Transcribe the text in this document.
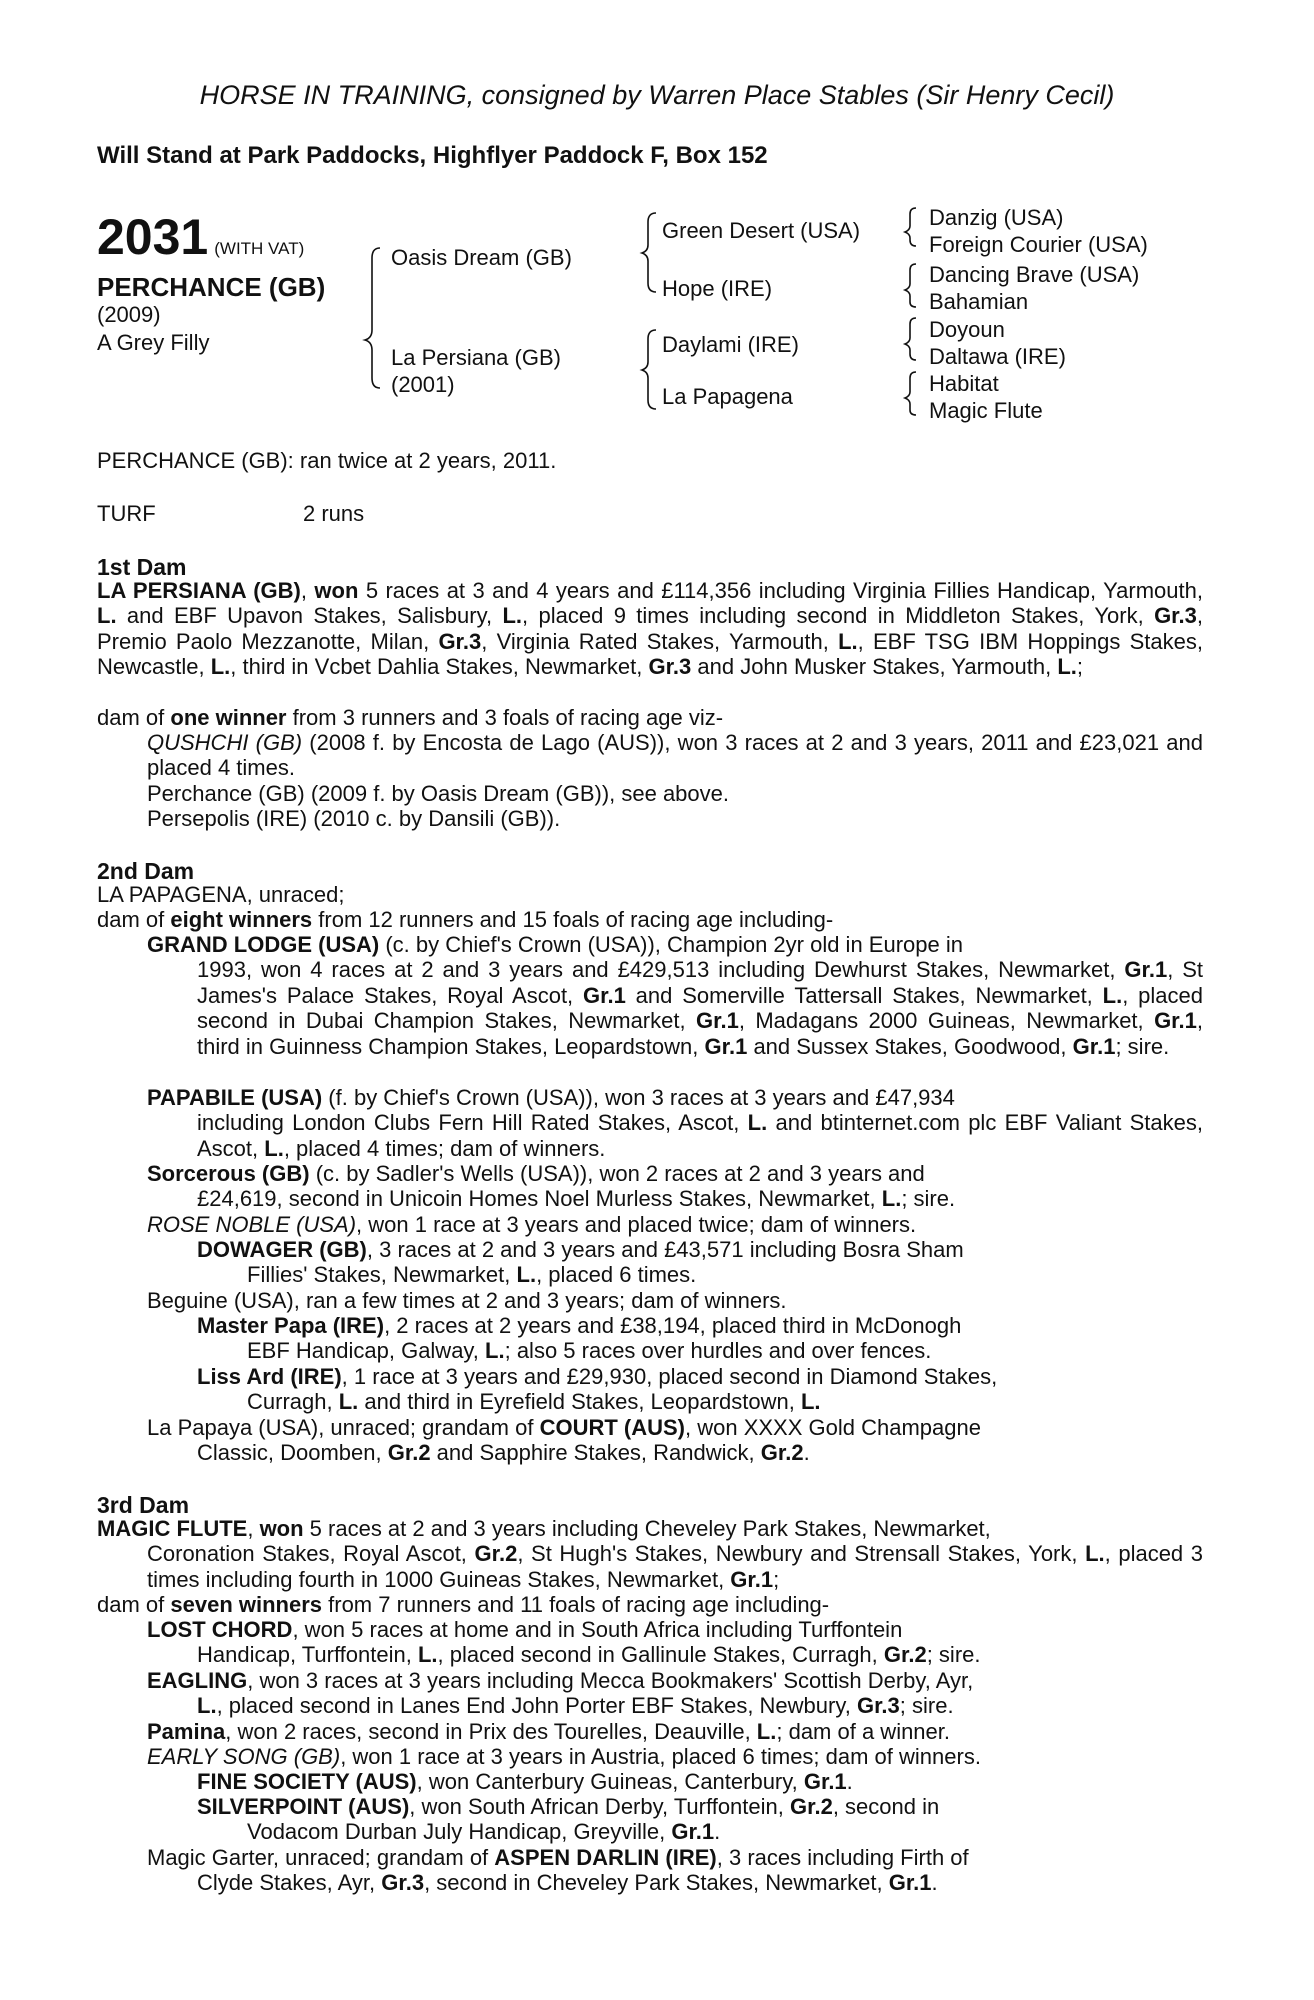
HORSE IN TRAINING, consigned by Warren Place Stables (Sir Henry Cecil)
Will Stand at Park Paddocks, Highflyer Paddock F, Box 152
2031 (WITH VAT)
PERCHANCE (GB)
(2009)
A Grey Filly
Oasis Dream (GB)
La Persiana (GB)
(2001)
Green Desert (USA)
Hope (IRE)
Daylami (IRE)
La Papagena
Danzig (USA)
Foreign Courier (USA)
Dancing Brave (USA)
Bahamian
Doyoun
Daltawa (IRE)
Habitat
Magic Flute
PERCHANCE (GB): ran twice at 2 years, 2011.
TURF	2 runs
1st Dam
LA PERSIANA (GB), won 5 races at 3 and 4 years and £114,356 including Virginia Fillies Handicap, Yarmouth, L. and EBF Upavon Stakes, Salisbury, L., placed 9 times including second in Middleton Stakes, York, Gr.3, Premio Paolo Mezzanotte, Milan, Gr.3, Virginia Rated Stakes, Yarmouth, L., EBF TSG IBM Hoppings Stakes, Newcastle, L., third in Vcbet Dahlia Stakes, Newmarket, Gr.3 and John Musker Stakes, Yarmouth, L.;
dam of one winner from 3 runners and 3 foals of racing age viz-
QUSHCHI (GB) (2008 f. by Encosta de Lago (AUS)), won 3 races at 2 and 3 years, 2011 and £23,021 and placed 4 times.
Perchance (GB) (2009 f. by Oasis Dream (GB)), see above.
Persepolis (IRE) (2010 c. by Dansili (GB)).
2nd Dam
LA PAPAGENA, unraced;
dam of eight winners from 12 runners and 15 foals of racing age including-
GRAND LODGE (USA) (c. by Chief's Crown (USA)), Champion 2yr old in Europe in

1993, won 4 races at 2 and 3 years and £429,513 including Dewhurst Stakes, Newmarket, Gr.1, St James's Palace Stakes, Royal Ascot, Gr.1 and Somerville Tattersall Stakes, Newmarket, L., placed second in Dubai Champion Stakes, Newmarket, Gr.1, Madagans 2000 Guineas, Newmarket, Gr.1, third in Guinness Champion Stakes, Leopardstown, Gr.1 and Sussex Stakes, Goodwood, Gr.1; sire.
PAPABILE (USA) (f. by Chief's Crown (USA)), won 3 races at 3 years and £47,934

including London Clubs Fern Hill Rated Stakes, Ascot, L. and btinternet.com plc EBF Valiant Stakes, Ascot, L., placed 4 times; dam of winners.
Sorcerous (GB) (c. by Sadler's Wells (USA)), won 2 races at 2 and 3 years and

£24,619, second in Unicoin Homes Noel Murless Stakes, Newmarket, L.; sire.
ROSE NOBLE (USA), won 1 race at 3 years and placed twice; dam of winners.
DOWAGER (GB), 3 races at 2 and 3 years and £43,571 including Bosra Sham

Fillies' Stakes, Newmarket, L., placed 6 times.
Beguine (USA), ran a few times at 2 and 3 years; dam of winners.
Master Papa (IRE), 2 races at 2 years and £38,194, placed third in McDonogh

EBF Handicap, Galway, L.; also 5 races over hurdles and over fences.
Liss Ard (IRE), 1 race at 3 years and £29,930, placed second in Diamond Stakes,

Curragh, L. and third in Eyrefield Stakes, Leopardstown, L.
La Papaya (USA), unraced; grandam of COURT (AUS), won XXXX Gold Champagne

Classic, Doomben, Gr.2 and Sapphire Stakes, Randwick, Gr.2.
3rd Dam
MAGIC FLUTE, won 5 races at 2 and 3 years including Cheveley Park Stakes, Newmarket,

Coronation Stakes, Royal Ascot, Gr.2, St Hugh's Stakes, Newbury and Strensall Stakes, York, L., placed 3 times including fourth in 1000 Guineas Stakes, Newmarket, Gr.1;
dam of seven winners from 7 runners and 11 foals of racing age including-
LOST CHORD, won 5 races at home and in South Africa including Turffontein

Handicap, Turffontein, L., placed second in Gallinule Stakes, Curragh, Gr.2; sire.
EAGLING, won 3 races at 3 years including Mecca Bookmakers' Scottish Derby, Ayr,

L., placed second in Lanes End John Porter EBF Stakes, Newbury, Gr.3; sire.
Pamina, won 2 races, second in Prix des Tourelles, Deauville, L.; dam of a winner.
EARLY SONG (GB), won 1 race at 3 years in Austria, placed 6 times; dam of winners.
FINE SOCIETY (AUS), won Canterbury Guineas, Canterbury, Gr.1.
SILVERPOINT (AUS), won South African Derby, Turffontein, Gr.2, second in

Vodacom Durban July Handicap, Greyville, Gr.1.
Magic Garter, unraced; grandam of ASPEN DARLIN (IRE), 3 races including Firth of

Clyde Stakes, Ayr, Gr.3, second in Cheveley Park Stakes, Newmarket, Gr.1.
